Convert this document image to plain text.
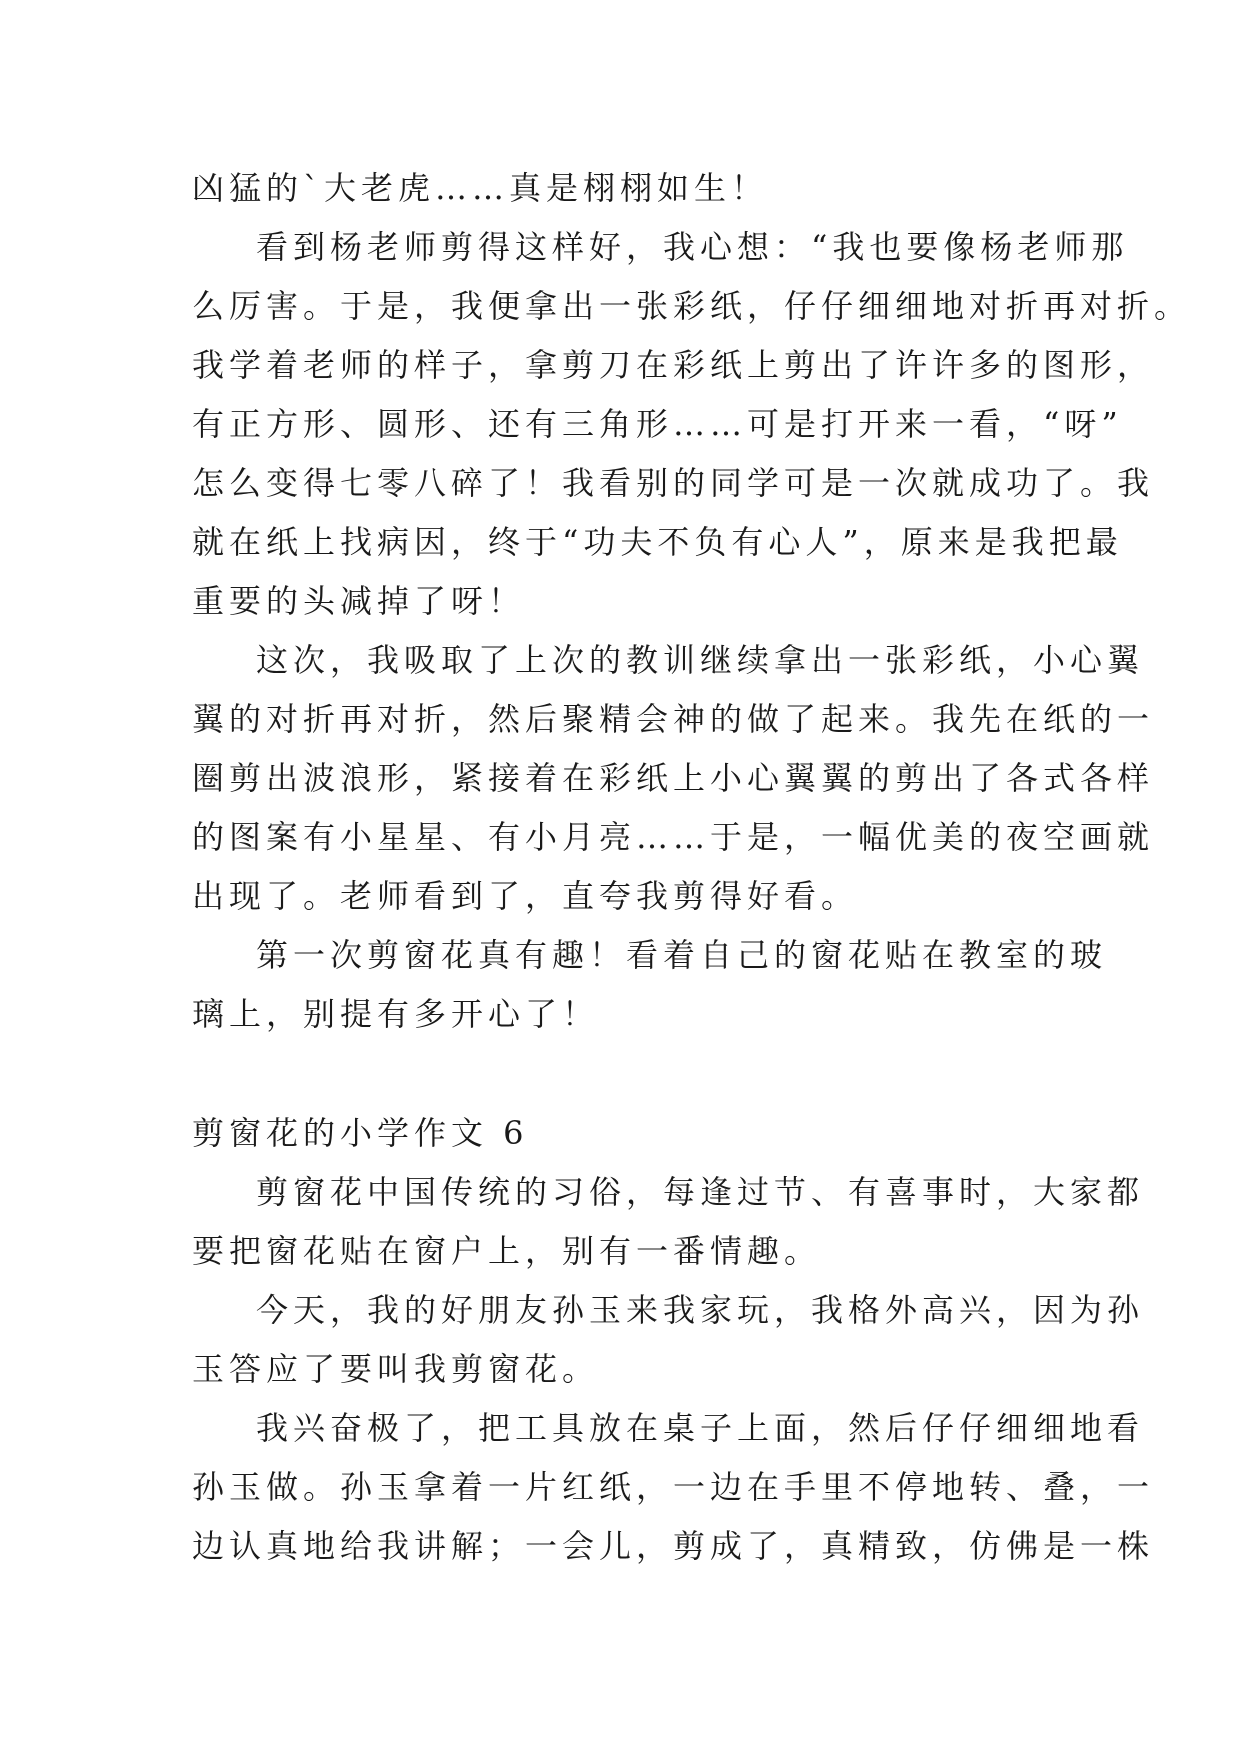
凶猛的`大老虎……真是栩栩如生！
看到杨老师剪得这样好，我心想：“我也要像杨老师那
么厉害。于是，我便拿出一张彩纸，仔仔细细地对折再对折。
我学着老师的样子，拿剪刀在彩纸上剪出了许许多的图形，
有正方形、圆形、还有三角形……可是打开来一看，“呀”
怎么变得七零八碎了！我看别的同学可是一次就成功了。我
就在纸上找病因，终于“功夫不负有心人”，原来是我把最
重要的头减掉了呀！
这次，我吸取了上次的教训继续拿出一张彩纸，小心翼
翼的对折再对折，然后聚精会神的做了起来。我先在纸的一
圈剪出波浪形，紧接着在彩纸上小心翼翼的剪出了各式各样
的图案有小星星、有小月亮……于是，一幅优美的夜空画就
出现了。老师看到了，直夸我剪得好看。
第一次剪窗花真有趣！看着自己的窗花贴在教室的玻
璃上，别提有多开心了！
剪窗花的小学作文 6
剪窗花中国传统的习俗，每逢过节、有喜事时，大家都
要把窗花贴在窗户上，别有一番情趣。
今天，我的好朋友孙玉来我家玩，我格外高兴，因为孙
玉答应了要叫我剪窗花。
我兴奋极了，把工具放在桌子上面，然后仔仔细细地看
孙玉做。孙玉拿着一片红纸，一边在手里不停地转、叠，一
边认真地给我讲解；一会儿，剪成了，真精致，仿佛是一株
